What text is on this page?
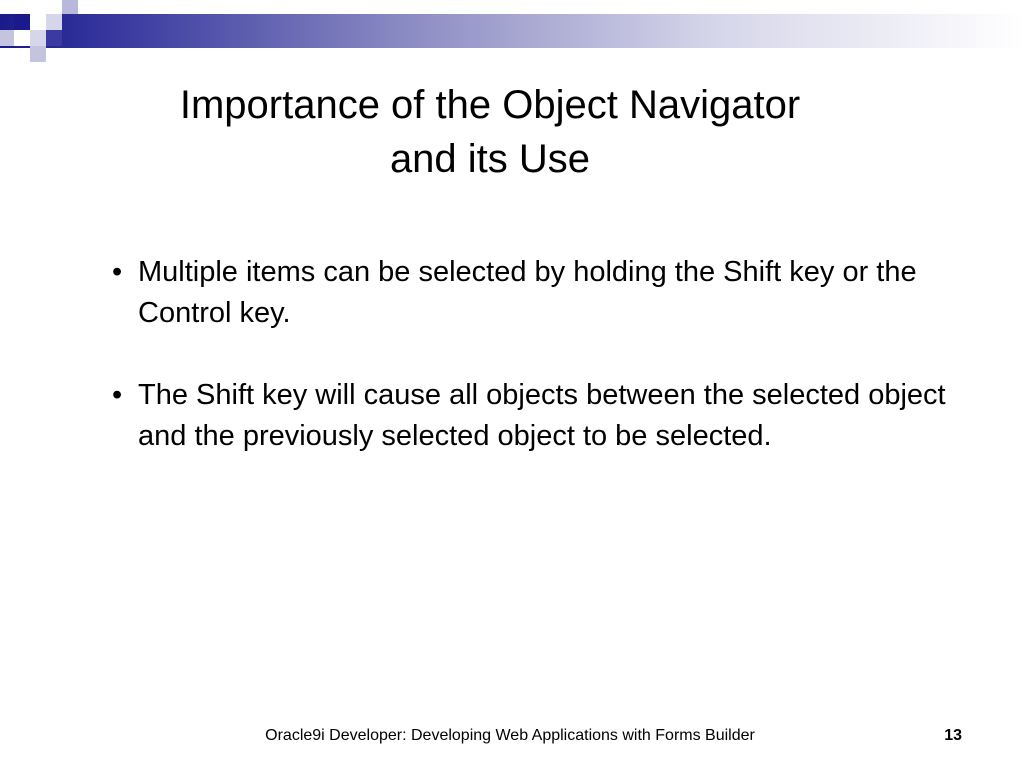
Importance of the Object Navigator
and its Use
• Multiple items can be selected by holding the Shift key or the Control key.
• The Shift key will cause all objects between the selected object and the previously selected object to be selected.
Oracle9i Developer: Developing Web Applications with Forms Builder	13
